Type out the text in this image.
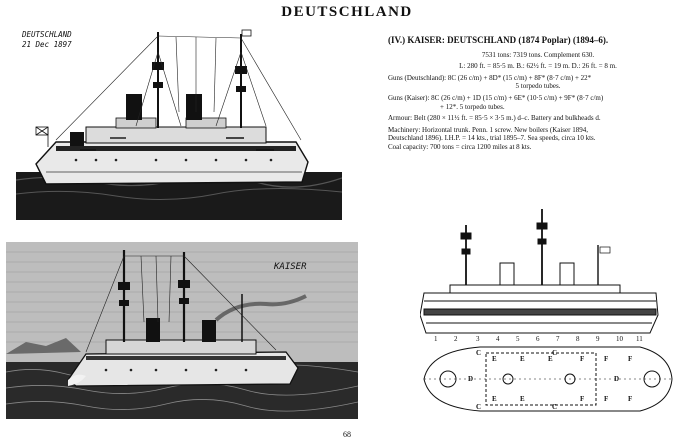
DEUTSCHLAND
DEUTSCHLAND
21 Dec 1897
KAISER
(IV.) KAISER: DEUTSCHLAND (1874 Poplar) (1894–6).
7531 tons: 7319 tons. Complement 630.
L: 280 ft. = 85·5 m. B.: 62½ ft. = 19 m. D.: 26 ft. = 8 m.
Guns (Deutschland): 8C (26 c/m) + 8D* (15 c/m) + 8F* (8·7 c/m) + 22*
5 torpedo tubes.
Guns (Kaiser): 8C (26 c/m) + 1D (15 c/m) + 6E* (10·5 c/m) + 9F* (8·7 c/m)
+ 12*. 5 torpedo tubes.
Armour: Belt (280 × 11½ ft. = 85·5 × 3·5 m.) d–c. Battery and bulkheads d.
Machinery: Horizontal trunk. Penn. 1 screw. New boilers (Kaiser 1894,
Deutschland 1896). I.H.P. = 14 kts., trial 1895–7. Sea speeds, circa 10 kts.
Coal capacity: 700 tons = circa 1200 miles at 8 kts.
1 2	3 4 5 6 7 8 9 10 11
E	E	E	F	F	F
E	E	F	F	F
C
C
C
C
D	D
68
